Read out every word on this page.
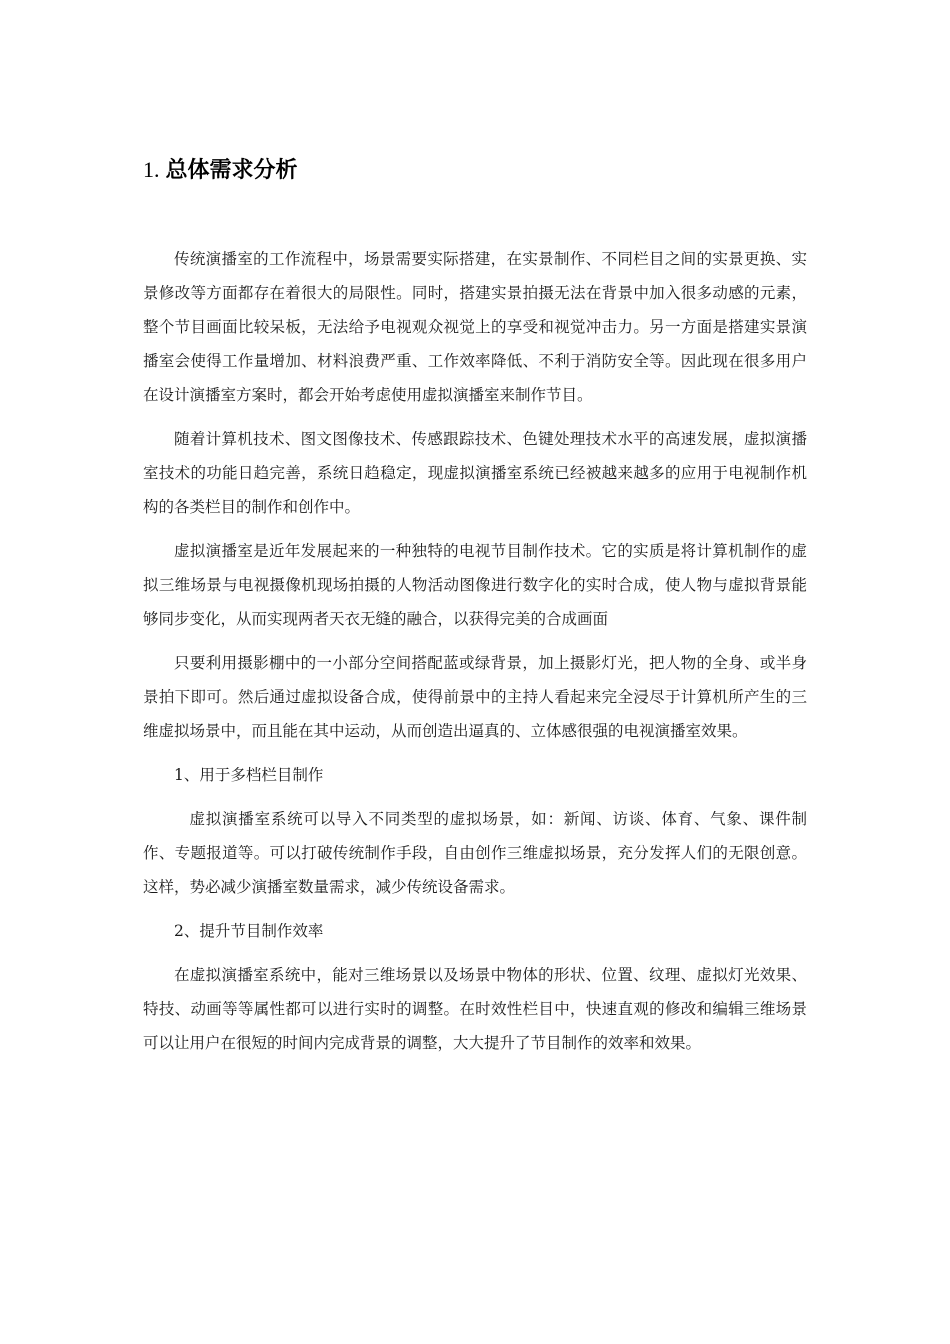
1. 总体需求分析

传统演播室的工作流程中，场景需要实际搭建，在实景制作、不同栏目之间的实景更换、实景修改等方面都存在着很大的局限性。同时，搭建实景拍摄无法在背景中加入很多动感的元素，整个节目画面比较呆板，无法给予电视观众视觉上的享受和视觉冲击力。另一方面是搭建实景演播室会使得工作量增加、材料浪费严重、工作效率降低、不利于消防安全等。因此现在很多用户在设计演播室方案时，都会开始考虑使用虚拟演播室来制作节目。

随着计算机技术、图文图像技术、传感跟踪技术、色键处理技术水平的高速发展，虚拟演播室技术的功能日趋完善，系统日趋稳定，现虚拟演播室系统已经被越来越多的应用于电视制作机构的各类栏目的制作和创作中。

虚拟演播室是近年发展起来的一种独特的电视节目制作技术。它的实质是将计算机制作的虚拟三维场景与电视摄像机现场拍摄的人物活动图像进行数字化的实时合成，使人物与虚拟背景能够同步变化，从而实现两者天衣无缝的融合，以获得完美的合成画面

只要利用摄影棚中的一小部分空间搭配蓝或绿背景，加上摄影灯光，把人物的全身、或半身景拍下即可。然后通过虚拟设备合成，使得前景中的主持人看起来完全浸尽于计算机所产生的三维虚拟场景中，而且能在其中运动，从而创造出逼真的、立体感很强的电视演播室效果。

1、用于多档栏目制作

虚拟演播室系统可以导入不同类型的虚拟场景，如：新闻、访谈、体育、气象、课件制作、专题报道等。可以打破传统制作手段，自由创作三维虚拟场景，充分发挥人们的无限创意。这样，势必减少演播室数量需求，减少传统设备需求。

2、提升节目制作效率

在虚拟演播室系统中，能对三维场景以及场景中物体的形状、位置、纹理、虚拟灯光效果、特技、动画等等属性都可以进行实时的调整。在时效性栏目中，快速直观的修改和编辑三维场景可以让用户在很短的时间内完成背景的调整，大大提升了节目制作的效率和效果。
